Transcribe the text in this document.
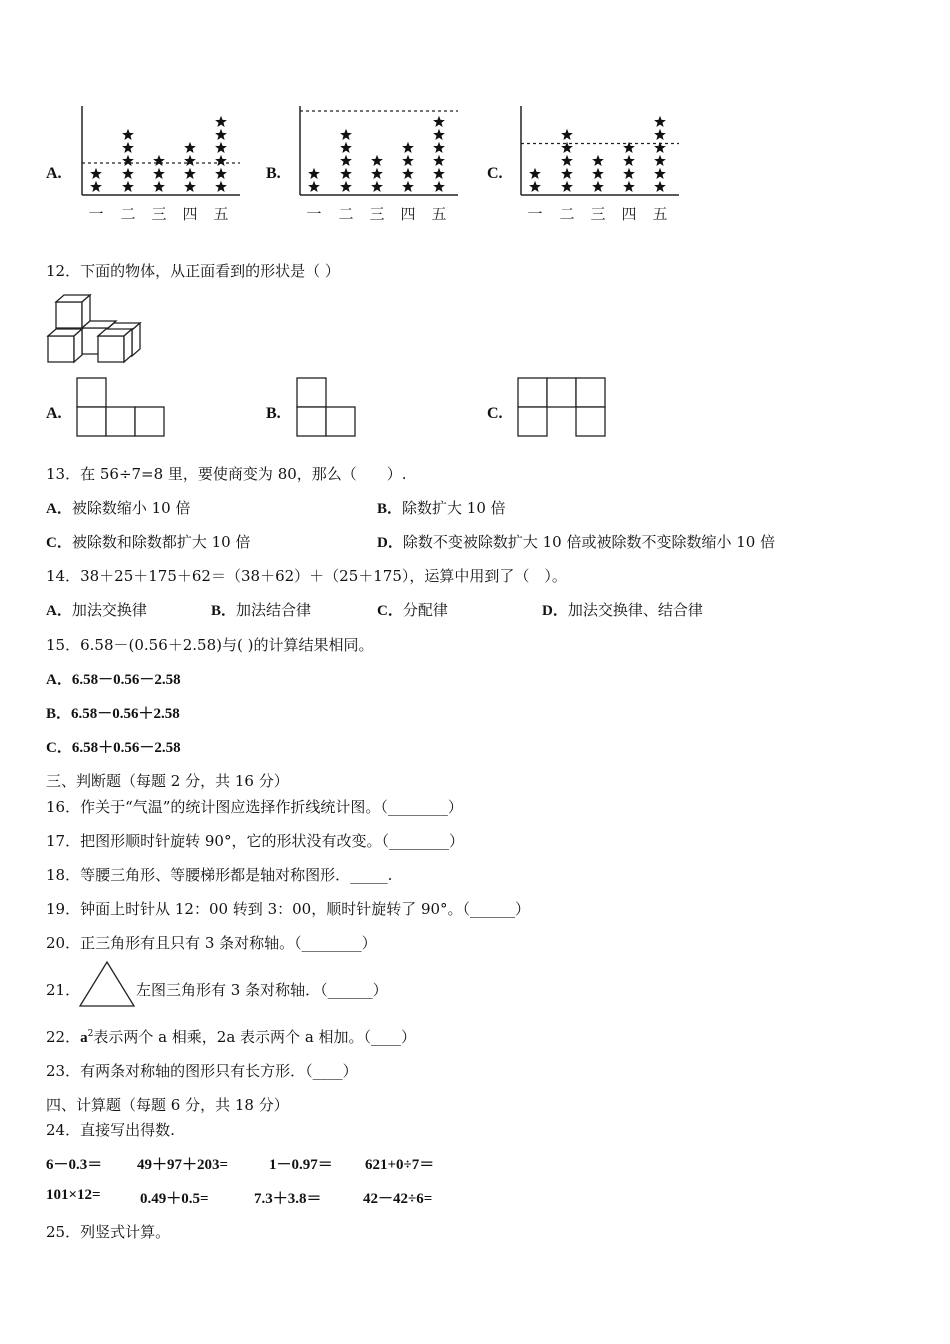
A.	B.	C.
一 二 三 四 五	一 二 三 四 五	一 二 三 四 五
12．下面的物体，从正面看到的形状是（ ）
A.	B.	C.
13．在 56÷7=8 里，要使商变为 80，那么（　　）.
A．被除数缩小 10 倍	B．除数扩大 10 倍
C．被除数和除数都扩大 10 倍	D．除数不变被除数扩大 10 倍或被除数不变除数缩小 10 倍
14．38＋25＋175＋62＝（38＋62）＋（25＋175），运算中用到了（　）。
A．加法交换律	B．加法结合律	C．分配律	D．加法交换律、结合律
15．6.58－(0.56＋2.58)与( )的计算结果相同。
A．6.58－0.56－2.58
B．6.58－0.56＋2.58
C．6.58＋0.56－2.58
三、判断题（每题 2 分，共 16 分）
16．作关于“气温”的统计图应选择作折线统计图。（________）
17．把图形顺时针旋转 90°，它的形状没有改变。（________）
18．等腰三角形、等腰梯形都是轴对称图形．_____.
19．钟面上时针从 12：00 转到 3：00，顺时针旋转了 90°。（______）
20．正三角形有且只有 3 条对称轴。（________）
21．	左图三角形有 3 条对称轴．（______）
22．$a^2$表示两个 a 相乘，2a 表示两个 a 相加。（____）
23．有两条对称轴的图形只有长方形．（____）
四、计算题（每题 6 分，共 18 分）
24．直接写出得数.
6－0.3＝ 49＋97＋203=	1－0.97＝ 621+0÷7＝
101×12=	0.49＋0.5=	7.3＋3.8＝	42－42÷6=
25．列竖式计算。
